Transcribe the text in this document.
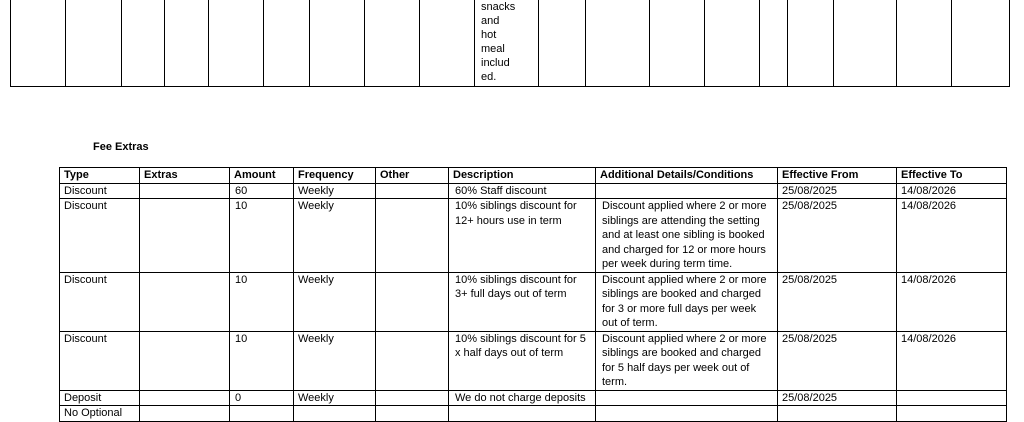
snacks
and
hot
meal
includ
ed.

Fee Extras
Type	Extras	Amount	Frequency	Other	Description	Additional Details/Conditions	Effective From	Effective To
Discount		60	Weekly		60% Staff discount		25/08/2025	14/08/2026
Discount		10	Weekly		10% siblings discount for 12+ hours use in term	Discount applied where 2 or more siblings are attending the setting and at least one sibling is booked and charged for 12 or more hours per week during term time.	25/08/2025	14/08/2026
Discount		10	Weekly		10% siblings discount for 3+ full days out of term	Discount applied where 2 or more siblings are booked and charged for 3 or more full days per week out of term.	25/08/2025	14/08/2026
Discount		10	Weekly		10% siblings discount for 5 x half days out of term	Discount applied where 2 or more siblings are booked and charged for 5 half days per week out of term.	25/08/2025	14/08/2026
Deposit		0	Weekly		We do not charge deposits		25/08/2025	
No Optional								
